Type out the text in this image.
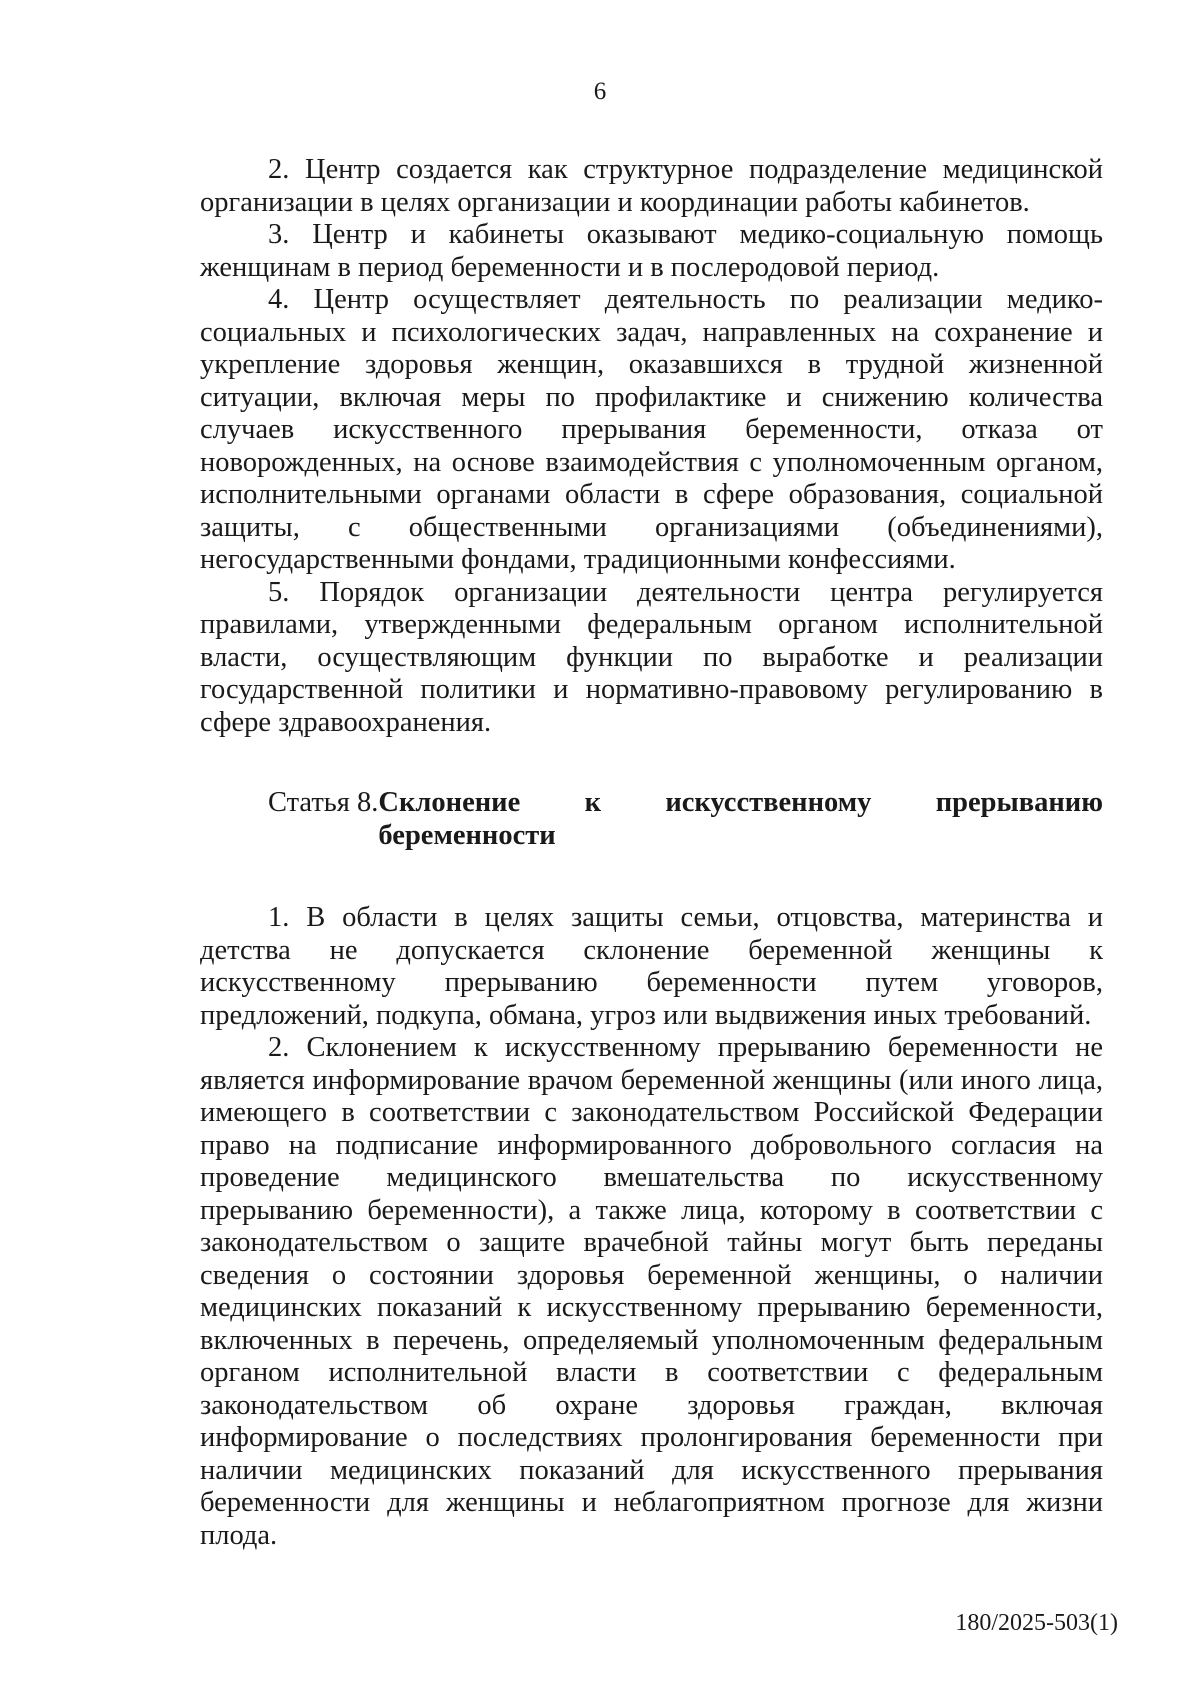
6

2. Центр создается как структурное подразделение медицинской организации в целях организации и координации работы кабинетов.

3. Центр и кабинеты оказывают медико-социальную помощь женщинам в период беременности и в послеродовой период.

4. Центр осуществляет деятельность по реализации медико-социальных и психологических задач, направленных на сохранение и укрепление здоровья женщин, оказавшихся в трудной жизненной ситуации, включая меры по профилактике и снижению количества случаев искусственного прерывания беременности, отказа от новорожденных, на основе взаимодействия с уполномоченным органом, исполнительными органами области в сфере образования, социальной защиты, с общественными организациями (объединениями), негосударственными фондами, традиционными конфессиями.

5. Порядок организации деятельности центра регулируется правилами, утвержденными федеральным органом исполнительной власти, осуществляющим функции по выработке и реализации государственной политики и нормативно-правовому регулированию в сфере здравоохранения.

Статья 8. Склонение к искусственному прерыванию беременности

1. В области в целях защиты семьи, отцовства, материнства и детства не допускается склонение беременной женщины к искусственному прерыванию беременности путем уговоров, предложений, подкупа, обмана, угроз или выдвижения иных требований.

2. Склонением к искусственному прерыванию беременности не является информирование врачом беременной женщины (или иного лица, имеющего в соответствии с законодательством Российской Федерации право на подписание информированного добровольного согласия на проведение медицинского вмешательства по искусственному прерыванию беременности), а также лица, которому в соответствии с законодательством о защите врачебной тайны могут быть переданы сведения о состоянии здоровья беременной женщины, о наличии медицинских показаний к искусственному прерыванию беременности, включенных в перечень, определяемый уполномоченным федеральным органом исполнительной власти в соответствии с федеральным законодательством об охране здоровья граждан, включая информирование о последствиях пролонгирования беременности при наличии медицинских показаний для искусственного прерывания беременности для женщины и неблагоприятном прогнозе для жизни плода.

180/2025-503(1)
